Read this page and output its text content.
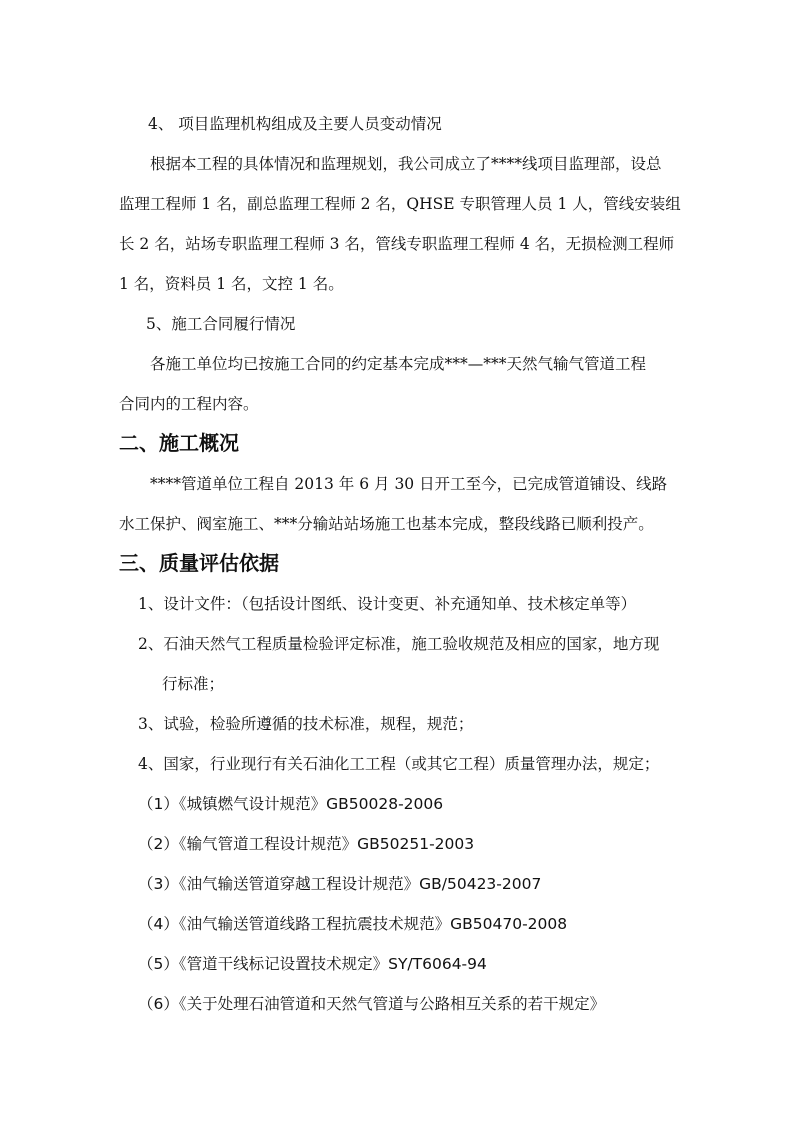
4、 项目监理机构组成及主要人员变动情况
根据本工程的具体情况和监理规划，我公司成立了****线项目监理部，设总
监理工程师 1 名，副总监理工程师 2 名，QHSE 专职管理人员 1 人，管线安装组
长 2 名，站场专职监理工程师 3 名，管线专职监理工程师 4 名，无损检测工程师
1 名，资料员 1 名，文控 1 名。
5、施工合同履行情况
各施工单位均已按施工合同的约定基本完成***—***天然气输气管道工程
合同内的工程内容。
二、施工概况
****管道单位工程自 2013 年 6 月 30 日开工至今，已完成管道铺设、线路
水工保护、阀室施工、***分输站站场施工也基本完成，整段线路已顺利投产。
三、质量评估依据
1、设计文件：（包括设计图纸、设计变更、补充通知单、技术核定单等）
2、石油天然气工程质量检验评定标准，施工验收规范及相应的国家，地方现
行标准；
3、试验，检验所遵循的技术标准，规程，规范；
4、国家，行业现行有关石油化工工程（或其它工程）质量管理办法，规定；
（1）《城镇燃气设计规范》GB50028-2006
（2）《输气管道工程设计规范》GB50251-2003
（3）《油气输送管道穿越工程设计规范》GB/50423-2007
（4）《油气输送管道线路工程抗震技术规范》GB50470-2008
（5）《管道干线标记设置技术规定》SY/T6064-94
（6）《关于处理石油管道和天然气管道与公路相互关系的若干规定》
